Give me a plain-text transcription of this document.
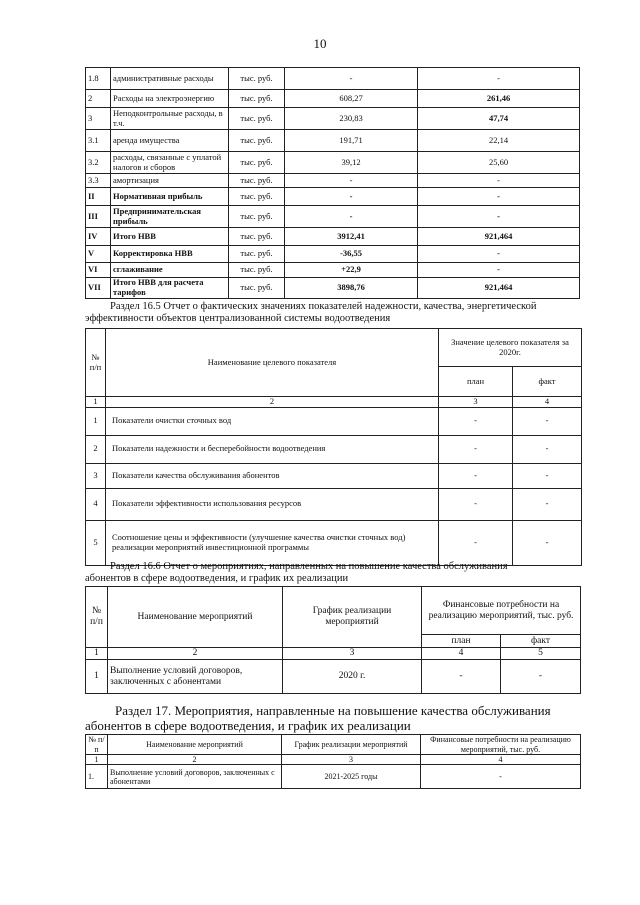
10
1.8	административные расходы	тыс. руб.	-	-
2	Расходы на электроэнергию	тыс. руб.	608,27	261,46
3	Неподконтрольные расходы, в т.ч.	тыс. руб.	230,83	47,74
3.1	аренда имущества	тыс. руб.	191,71	22,14
3.2	расходы, связанные с уплатой налогов и сборов	тыс. руб.	39,12	25,60
3.3	амортизация	тыс. руб.	-	-
II	Нормативная прибыль	тыс. руб.	-	-
III	Предпринимательская прибыль	тыс. руб.	-	-
IV	Итого НВВ	тыс. руб.	3912,41	921,464
V	Корректировка НВВ	тыс. руб.	-36,55	-
VI	сглаживание	тыс. руб.	+22,9	-
VII	Итого НВВ для расчета тарифов	тыс. руб.	3898,76	921,464
Раздел 16.5 Отчет о фактических значениях показателей надежности, качества, энергетической
эффективности объектов централизованной системы водоотведения
№ п/п	Наименование целевого показателя	Значение целевого показателя за 2020г.	
		план	факт
1	2	3	4
1	Показатели очистки сточных вод	-	-
2	Показатели надежности и бесперебойности водоотведения	-	-
3	Показатели качества обслуживания абонентов	-	-
4	Показатели эффективности использования ресурсов	-	-
5	Соотношение цены и эффективности (улучшение качества очистки сточных вод) реализации мероприятий инвестиционной программы	-	-
Раздел 16.6 Отчет о мероприятиях, направленных на повышение качества обслуживания
абонентов в сфере водоотведения, и график их реализации
№ п/п	Наименование мероприятий	График реализации мероприятий	Финансовые потребности на реализацию мероприятий, тыс. руб.	
			план	факт
1	2	3	4	5
1	Выполнение условий договоров, заключенных с абонентами	2020 г.	-	-
Раздел 17. Мероприятия, направленные на повышение качества обслуживания
абонентов в сфере водоотведения, и график их реализации
№ п/п	Наименование мероприятий	График реализации мероприятий	Финансовые потребности на реализацию мероприятий, тыс. руб.
1	2	3	4
1.	Выполнение условий договоров, заключенных с абонентами	2021-2025 годы	-
